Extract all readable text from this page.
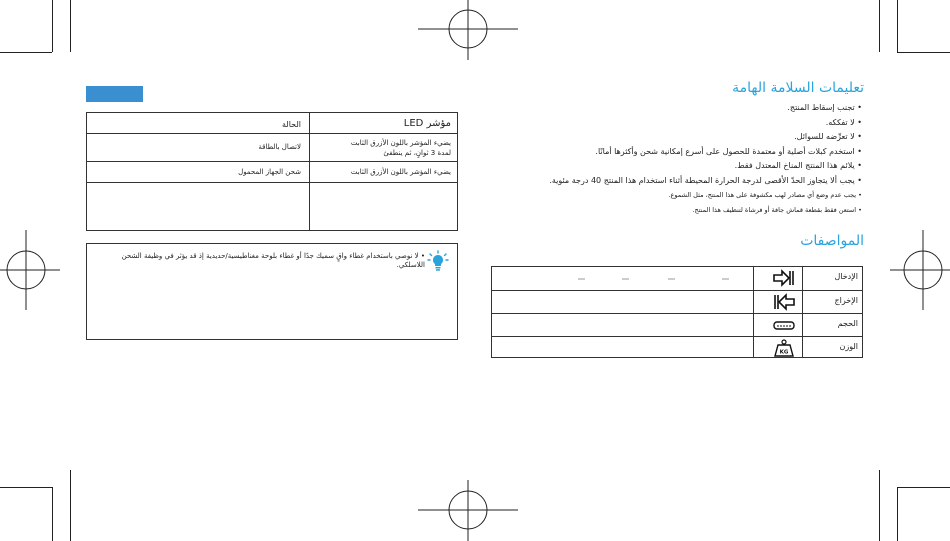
مؤشر LED
الحالة
يضيء المؤشر باللون الأزرق الثابت
لمدة 3 ثوانٍ، ثم ينطفئ
لاتصال بالطاقة
يضيء المؤشر باللون الأزرق الثابت
شحن الجهاز المحمول
• لا نوصي باستخدام غطاء واقٍ سميك جدًا أو غطاء بلوحة مغناطيسية/حديدية إذ قد يؤثر في وظيفة الشحن اللاسلكي.
تعليمات السلامة الهامة
• تجنب إسقاط المنتج.
• لا تفككه.
• لا تعرِّضه للسوائل.
• استخدم كبلات أصلية أو معتمدة للحصول على أسرع إمكانية شحن وأكثرها أمانًا.
• يلائم هذا المنتج المناخ المعتدل فقط.
• يجب ألا يتجاوز الحدّ الأقصى لدرجة الحرارة المحيطة أثناء استخدام هذا المنتج 40 درجة مئوية.
• يجب عدم وضع أي مصادر لهب مكشوفة على هذا المنتج، مثل الشموع.
• استعن فقط بقطعة قماش جافة أو فرشاة لتنظيف هذا المنتج.
المواصفات
الإدخال
الإخراج
الحجم
KG
الوزن
